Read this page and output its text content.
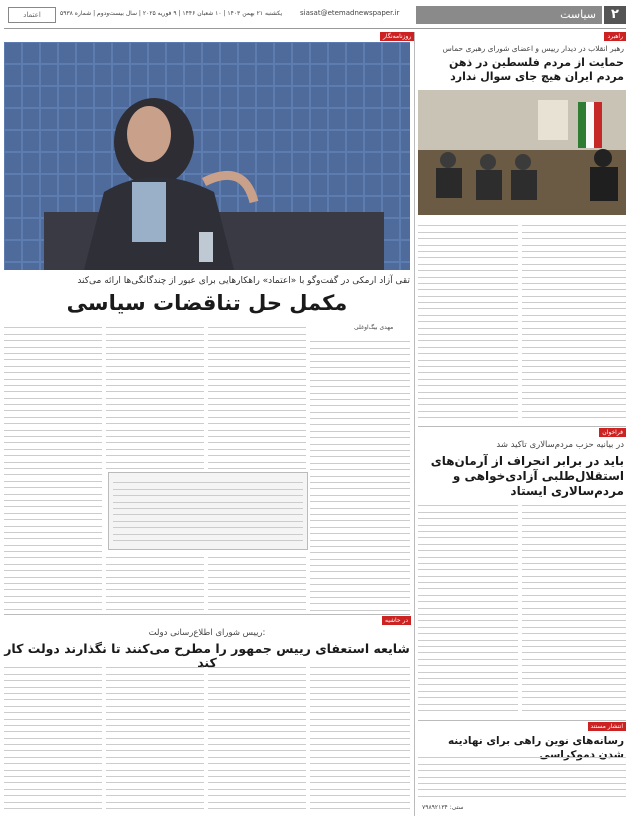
۲
سیاست
siasat@etemadnewspaper.ir
یکشنبه ۲۱ بهمن ۱۴۰۳ | ۱۰ شعبان ۱۴۴۶ | ۹ فوریه ۲۰۲۵ | سال بیست‌ودوم | شماره ۵۹۳۸
اعتماد
راهبرد
رهبر انقلاب در دیدار رییس و اعضای شورای رهبری حماس
حمایت از مردم فلسطین در ذهن مردم ایران هیچ جای سوال ندارد
فراخوان
در بیانیه حزب مردم‌سالاری تاکید شد
باید در برابر انحراف از آرمان‌های استقلال‌طلبی آزادی‌خواهی و مردم‌سالاری ایستاد
انتشار مستند
رسانه‌های نوین راهی برای نهادینه شدن دموکراسی
ستی: ۷۹۸۹۲۱۳۴
روزنامه‌نگار
تقی آزاد ارمکی در گفت‌وگو با «اعتماد» راهکارهایی برای عبور از چندگانگی‌ها ارائه می‌کند
مکمل حل تناقضات سیاسی
مهدی بیگ‌اوغلی
در حاشیه
رییس شورای اطلاع‌رسانی دولت:
شایعه استعفای رییس جمهور را مطرح می‌کنند تا نگذارند دولت کار کند
